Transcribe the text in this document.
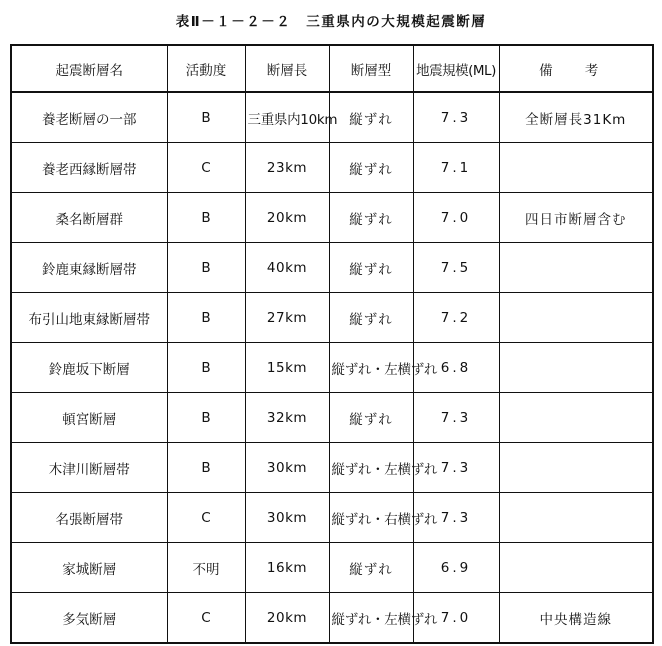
表Ⅱ－１－２－２　三重県内の大規模起震断層
起震断層名	活動度	断層長	断層型	地震規模(ML)	備 考
養老断層の一部	B	三重県内10km	縦ずれ	7.3	全断層長31Km
養老西縁断層帯	C	23km	縦ずれ	7.1	
桑名断層群	B	20km	縦ずれ	7.0	四日市断層含む
鈴鹿東縁断層帯	B	40km	縦ずれ	7.5	
布引山地東縁断層帯	B	27km	縦ずれ	7.2	
鈴鹿坂下断層	B	15km	縦ずれ・左横ずれ	6.8	
頓宮断層	B	32km	縦ずれ	7.3	
木津川断層帯	B	30km	縦ずれ・左横ずれ	7.3	
名張断層帯	C	30km	縦ずれ・右横ずれ	7.3	
家城断層	不明	16km	縦ずれ	6.9	
多気断層	C	20km	縦ずれ・左横ずれ	7.0	中央構造線
